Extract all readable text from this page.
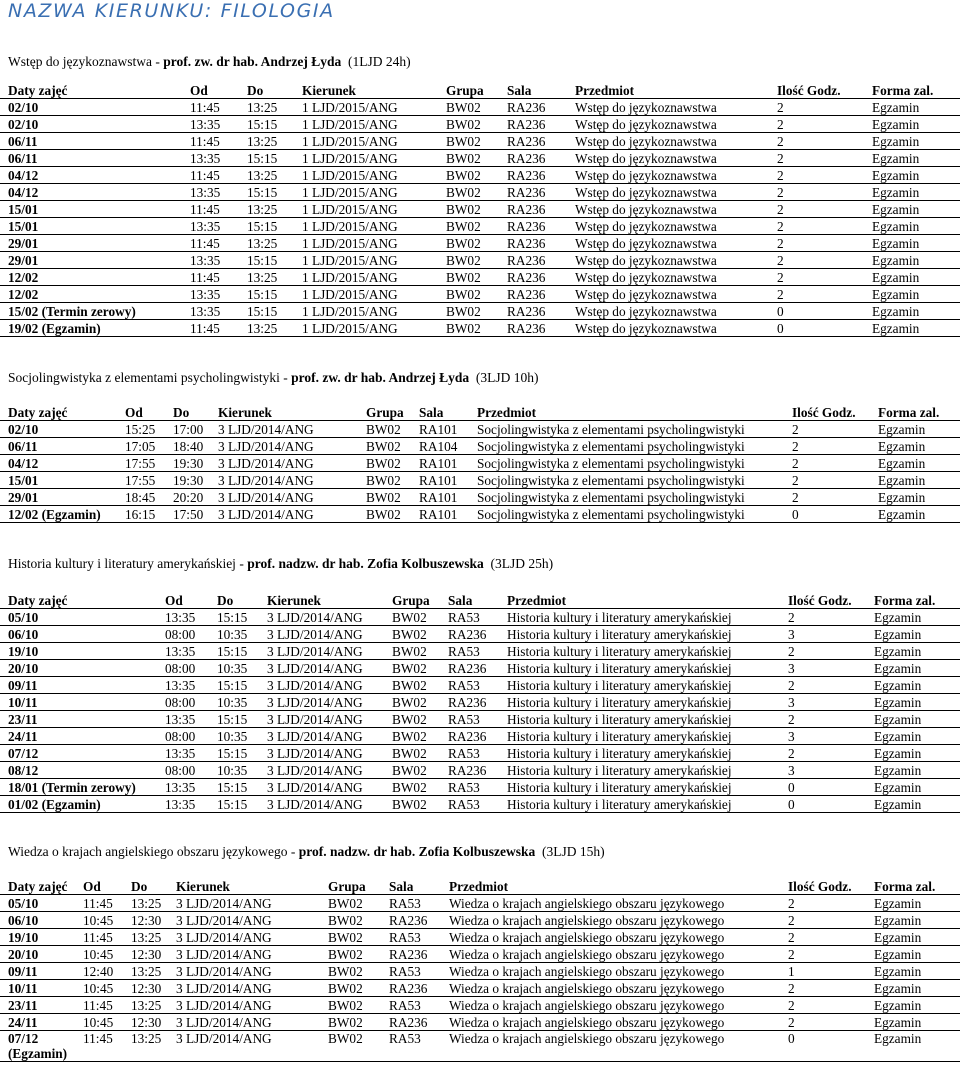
NAZWA KIERUNKU: FILOLOGIA
Wstęp do językoznawstwa - prof. zw. dr hab. Andrzej Łyda  (1LJD 24h)
Daty zajęć	Od	Do	Kierunek	Grupa	Sala	Przedmiot	Ilość Godz.	Forma zal.
02/10	11:45	13:25	1 LJD/2015/ANG	BW02	RA236	Wstęp do językoznawstwa	2	Egzamin
02/10	13:35	15:15	1 LJD/2015/ANG	BW02	RA236	Wstęp do językoznawstwa	2	Egzamin
06/11	11:45	13:25	1 LJD/2015/ANG	BW02	RA236	Wstęp do językoznawstwa	2	Egzamin
06/11	13:35	15:15	1 LJD/2015/ANG	BW02	RA236	Wstęp do językoznawstwa	2	Egzamin
04/12	11:45	13:25	1 LJD/2015/ANG	BW02	RA236	Wstęp do językoznawstwa	2	Egzamin
04/12	13:35	15:15	1 LJD/2015/ANG	BW02	RA236	Wstęp do językoznawstwa	2	Egzamin
15/01	11:45	13:25	1 LJD/2015/ANG	BW02	RA236	Wstęp do językoznawstwa	2	Egzamin
15/01	13:35	15:15	1 LJD/2015/ANG	BW02	RA236	Wstęp do językoznawstwa	2	Egzamin
29/01	11:45	13:25	1 LJD/2015/ANG	BW02	RA236	Wstęp do językoznawstwa	2	Egzamin
29/01	13:35	15:15	1 LJD/2015/ANG	BW02	RA236	Wstęp do językoznawstwa	2	Egzamin
12/02	11:45	13:25	1 LJD/2015/ANG	BW02	RA236	Wstęp do językoznawstwa	2	Egzamin
12/02	13:35	15:15	1 LJD/2015/ANG	BW02	RA236	Wstęp do językoznawstwa	2	Egzamin
15/02 (Termin zerowy)	13:35	15:15	1 LJD/2015/ANG	BW02	RA236	Wstęp do językoznawstwa	0	Egzamin
19/02 (Egzamin)	11:45	13:25	1 LJD/2015/ANG	BW02	RA236	Wstęp do językoznawstwa	0	Egzamin
Socjolingwistyka z elementami psycholingwistyki - prof. zw. dr hab. Andrzej Łyda  (3LJD 10h)
Daty zajęć	Od	Do	Kierunek	Grupa	Sala	Przedmiot	Ilość Godz.	Forma zal.
02/10	15:25	17:00	3 LJD/2014/ANG	BW02	RA101	Socjolingwistyka z elementami psycholingwistyki	2	Egzamin
06/11	17:05	18:40	3 LJD/2014/ANG	BW02	RA104	Socjolingwistyka z elementami psycholingwistyki	2	Egzamin
04/12	17:55	19:30	3 LJD/2014/ANG	BW02	RA101	Socjolingwistyka z elementami psycholingwistyki	2	Egzamin
15/01	17:55	19:30	3 LJD/2014/ANG	BW02	RA101	Socjolingwistyka z elementami psycholingwistyki	2	Egzamin
29/01	18:45	20:20	3 LJD/2014/ANG	BW02	RA101	Socjolingwistyka z elementami psycholingwistyki	2	Egzamin
12/02 (Egzamin)	16:15	17:50	3 LJD/2014/ANG	BW02	RA101	Socjolingwistyka z elementami psycholingwistyki	0	Egzamin
Historia kultury i literatury amerykańskiej - prof. nadzw. dr hab. Zofia Kolbuszewska  (3LJD 25h)
Daty zajęć	Od	Do	Kierunek	Grupa	Sala	Przedmiot	Ilość Godz.	Forma zal.
05/10	13:35	15:15	3 LJD/2014/ANG	BW02	RA53	Historia kultury i literatury amerykańskiej	2	Egzamin
06/10	08:00	10:35	3 LJD/2014/ANG	BW02	RA236	Historia kultury i literatury amerykańskiej	3	Egzamin
19/10	13:35	15:15	3 LJD/2014/ANG	BW02	RA53	Historia kultury i literatury amerykańskiej	2	Egzamin
20/10	08:00	10:35	3 LJD/2014/ANG	BW02	RA236	Historia kultury i literatury amerykańskiej	3	Egzamin
09/11	13:35	15:15	3 LJD/2014/ANG	BW02	RA53	Historia kultury i literatury amerykańskiej	2	Egzamin
10/11	08:00	10:35	3 LJD/2014/ANG	BW02	RA236	Historia kultury i literatury amerykańskiej	3	Egzamin
23/11	13:35	15:15	3 LJD/2014/ANG	BW02	RA53	Historia kultury i literatury amerykańskiej	2	Egzamin
24/11	08:00	10:35	3 LJD/2014/ANG	BW02	RA236	Historia kultury i literatury amerykańskiej	3	Egzamin
07/12	13:35	15:15	3 LJD/2014/ANG	BW02	RA53	Historia kultury i literatury amerykańskiej	2	Egzamin
08/12	08:00	10:35	3 LJD/2014/ANG	BW02	RA236	Historia kultury i literatury amerykańskiej	3	Egzamin
18/01 (Termin zerowy)	13:35	15:15	3 LJD/2014/ANG	BW02	RA53	Historia kultury i literatury amerykańskiej	0	Egzamin
01/02 (Egzamin)	13:35	15:15	3 LJD/2014/ANG	BW02	RA53	Historia kultury i literatury amerykańskiej	0	Egzamin
Wiedza o krajach angielskiego obszaru językowego - prof. nadzw. dr hab. Zofia Kolbuszewska  (3LJD 15h)
Daty zajęć	Od	Do	Kierunek	Grupa	Sala	Przedmiot	Ilość Godz.	Forma zal.
05/10	11:45	13:25	3 LJD/2014/ANG	BW02	RA53	Wiedza o krajach angielskiego obszaru językowego	2	Egzamin
06/10	10:45	12:30	3 LJD/2014/ANG	BW02	RA236	Wiedza o krajach angielskiego obszaru językowego	2	Egzamin
19/10	11:45	13:25	3 LJD/2014/ANG	BW02	RA53	Wiedza o krajach angielskiego obszaru językowego	2	Egzamin
20/10	10:45	12:30	3 LJD/2014/ANG	BW02	RA236	Wiedza o krajach angielskiego obszaru językowego	2	Egzamin
09/11	12:40	13:25	3 LJD/2014/ANG	BW02	RA53	Wiedza o krajach angielskiego obszaru językowego	1	Egzamin
10/11	10:45	12:30	3 LJD/2014/ANG	BW02	RA236	Wiedza o krajach angielskiego obszaru językowego	2	Egzamin
23/11	11:45	13:25	3 LJD/2014/ANG	BW02	RA53	Wiedza o krajach angielskiego obszaru językowego	2	Egzamin
24/11	10:45	12:30	3 LJD/2014/ANG	BW02	RA236	Wiedza o krajach angielskiego obszaru językowego	2	Egzamin
07/12 (Egzamin)	11:45	13:25	3 LJD/2014/ANG	BW02	RA53	Wiedza o krajach angielskiego obszaru językowego	0	Egzamin
